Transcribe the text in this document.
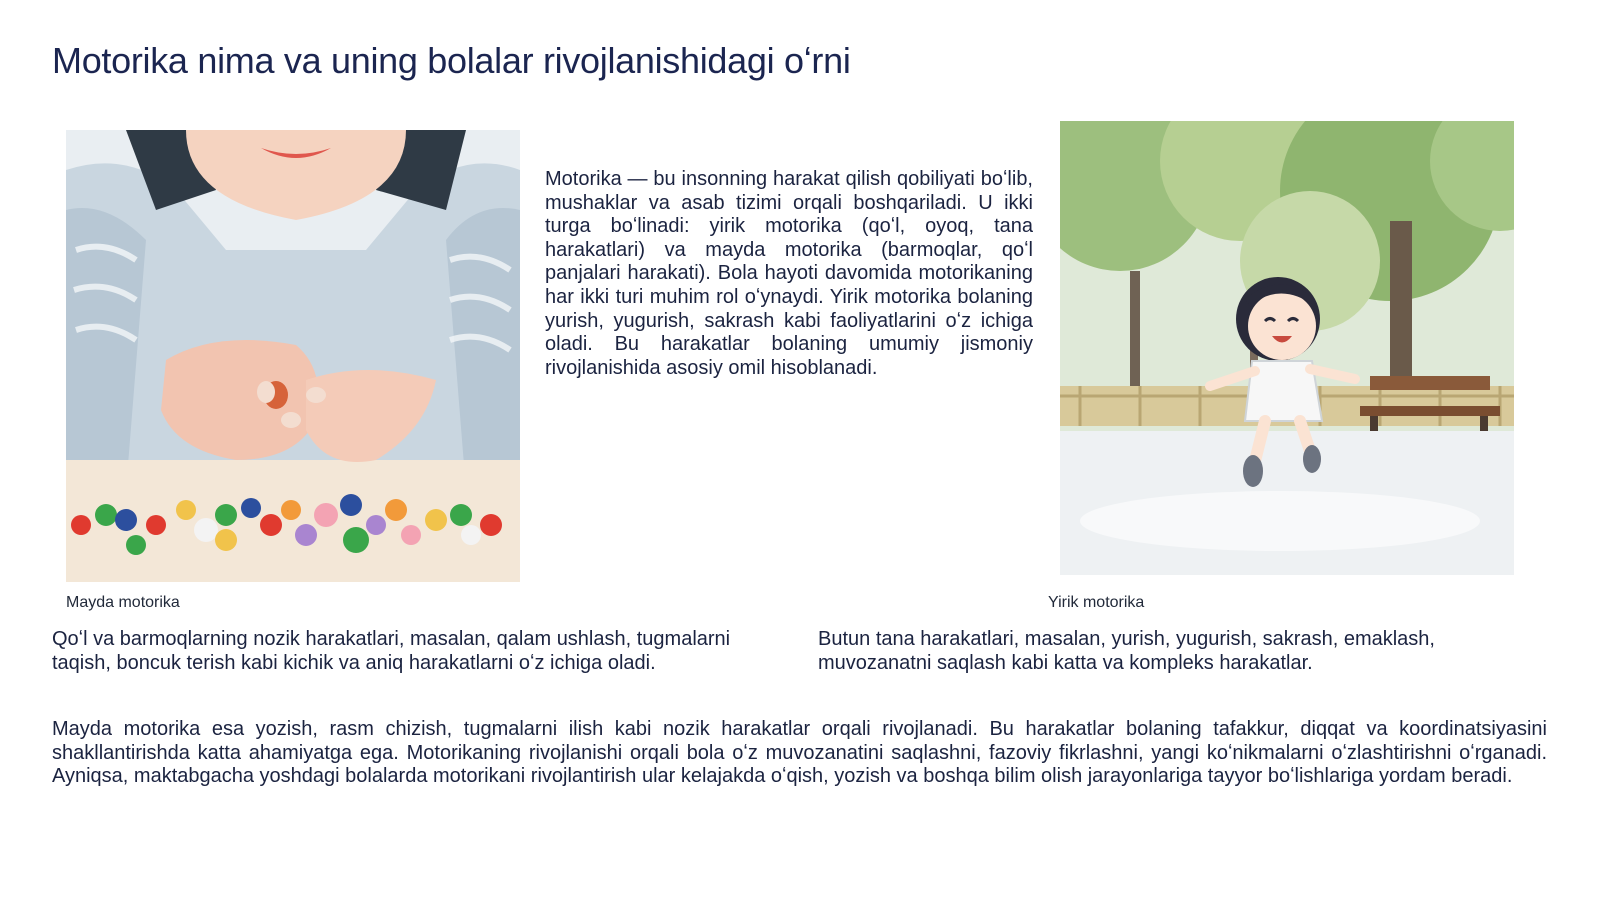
Motorika nima va uning bolalar rivojlanishidagi oʻrni

Motorika — bu insonning harakat qilish qobiliyati boʻlib, mushaklar va asab tizimi orqali boshqariladi. U ikki turga boʻlinadi: yirik motorika (qoʻl, oyoq, tana harakatlari) va mayda motorika (barmoqlar, qoʻl panjalari harakati). Bola hayoti davomida motorikaning har ikki turi muhim rol oʻynaydi. Yirik motorika bolaning yurish, yugurish, sakrash kabi faoliyatlarini oʻz ichiga oladi. Bu harakatlar bolaning umumiy jismoniy rivojlanishida asosiy omil hisoblanadi.

Mayda motorika	Yirik motorika

Qoʻl va barmoqlarning nozik harakatlari, masalan, qalam ushlash, tugmalarni taqish, boncuk terish kabi kichik va aniq harakatlarni oʻz ichiga oladi.

Butun tana harakatlari, masalan, yurish, yugurish, sakrash, emaklash, muvozanatni saqlash kabi katta va kompleks harakatlar.

Mayda motorika esa yozish, rasm chizish, tugmalarni ilish kabi nozik harakatlar orqali rivojlanadi. Bu harakatlar bolaning tafakkur, diqqat va koordinatsiyasini shakllantirishda katta ahamiyatga ega. Motorikaning rivojlanishi orqali bola oʻz muvozanatini saqlashni, fazoviy fikrlashni, yangi koʻnikmalarni oʻzlashtirishni oʻrganadi. Ayniqsa, maktabgacha yoshdagi bolalarda motorikani rivojlantirish ular kelajakda oʻqish, yozish va boshqa bilim olish jarayonlariga tayyor boʻlishlariga yordam beradi.
